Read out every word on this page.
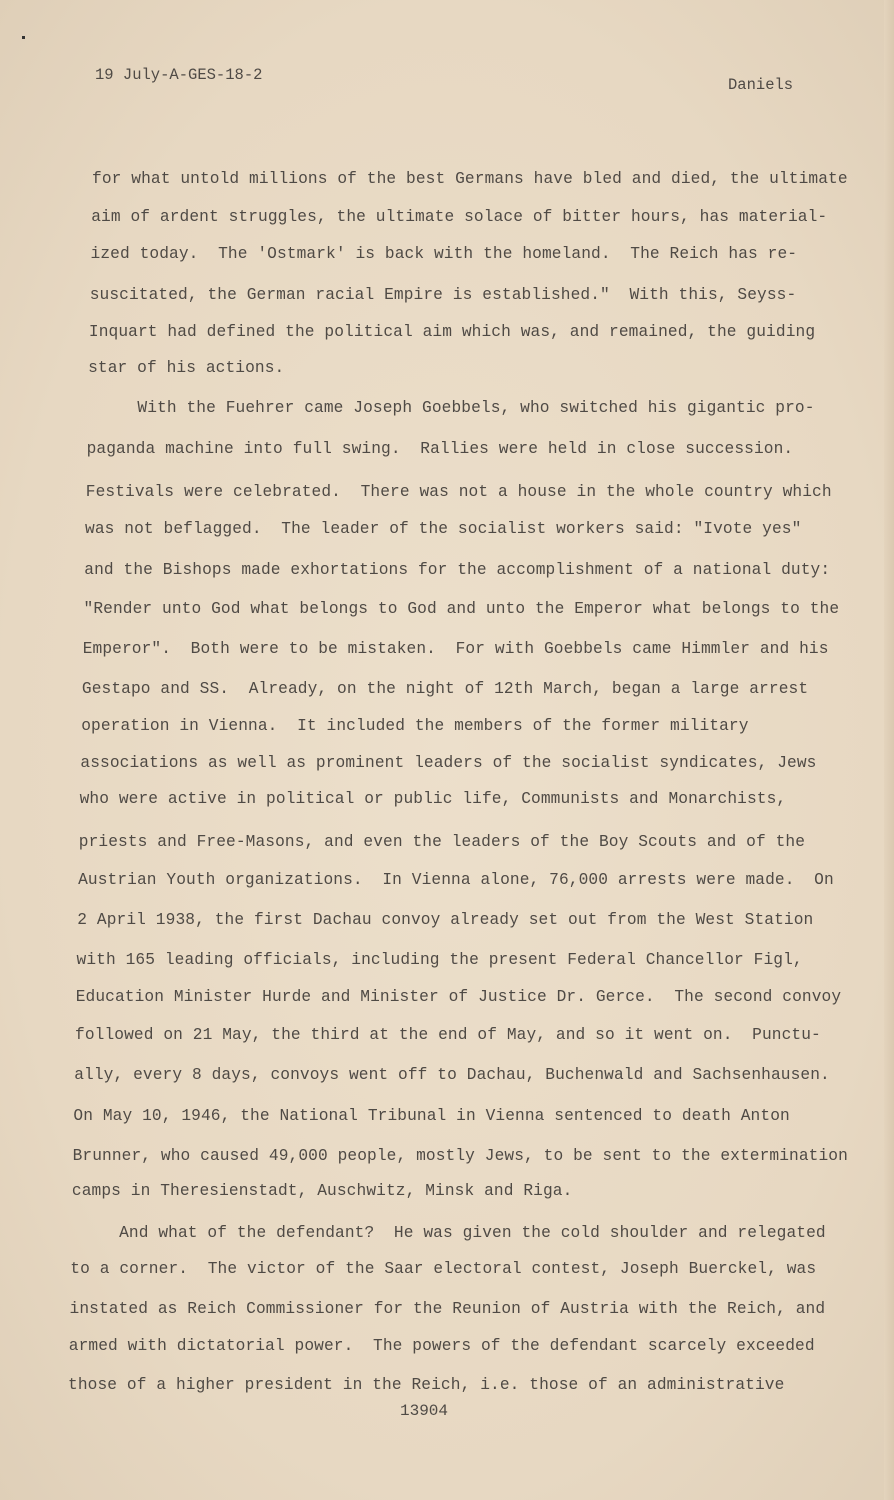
19 July-A-GES-18-2
Daniels
for what untold millions of the best Germans have bled and died, the ultimate
aim of ardent struggles, the ultimate solace of bitter hours, has material-
ized today.  The 'Ostmark' is back with the homeland.  The Reich has re-
suscitated, the German racial Empire is established."  With this, Seyss-
Inquart had defined the political aim which was, and remained, the guiding
star of his actions.
With the Fuehrer came Joseph Goebbels, who switched his gigantic pro-
paganda machine into full swing.  Rallies were held in close succession.
Festivals were celebrated.  There was not a house in the whole country which
was not beflagged.  The leader of the socialist workers said: "Ivote yes"
and the Bishops made exhortations for the accomplishment of a national duty:
"Render unto God what belongs to God and unto the Emperor what belongs to the
Emperor".  Both were to be mistaken.  For with Goebbels came Himmler and his
Gestapo and SS.  Already, on the night of 12th March, began a large arrest
operation in Vienna.  It included the members of the former military
associations as well as prominent leaders of the socialist syndicates, Jews
who were active in political or public life, Communists and Monarchists,
priests and Free-Masons, and even the leaders of the Boy Scouts and of the
Austrian Youth organizations.  In Vienna alone, 76,000 arrests were made.  On
2 April 1938, the first Dachau convoy already set out from the West Station
with 165 leading officials, including the present Federal Chancellor Figl,
Education Minister Hurde and Minister of Justice Dr. Gerce.  The second convoy
followed on 21 May, the third at the end of May, and so it went on.  Punctu-
ally, every 8 days, convoys went off to Dachau, Buchenwald and Sachsenhausen.
On May 10, 1946, the National Tribunal in Vienna sentenced to death Anton
Brunner, who caused 49,000 people, mostly Jews, to be sent to the extermination
camps in Theresienstadt, Auschwitz, Minsk and Riga.
And what of the defendant?  He was given the cold shoulder and relegated
to a corner.  The victor of the Saar electoral contest, Joseph Buerckel, was
instated as Reich Commissioner for the Reunion of Austria with the Reich, and
armed with dictatorial power.  The powers of the defendant scarcely exceeded
those of a higher president in the Reich, i.e. those of an administrative
13904
